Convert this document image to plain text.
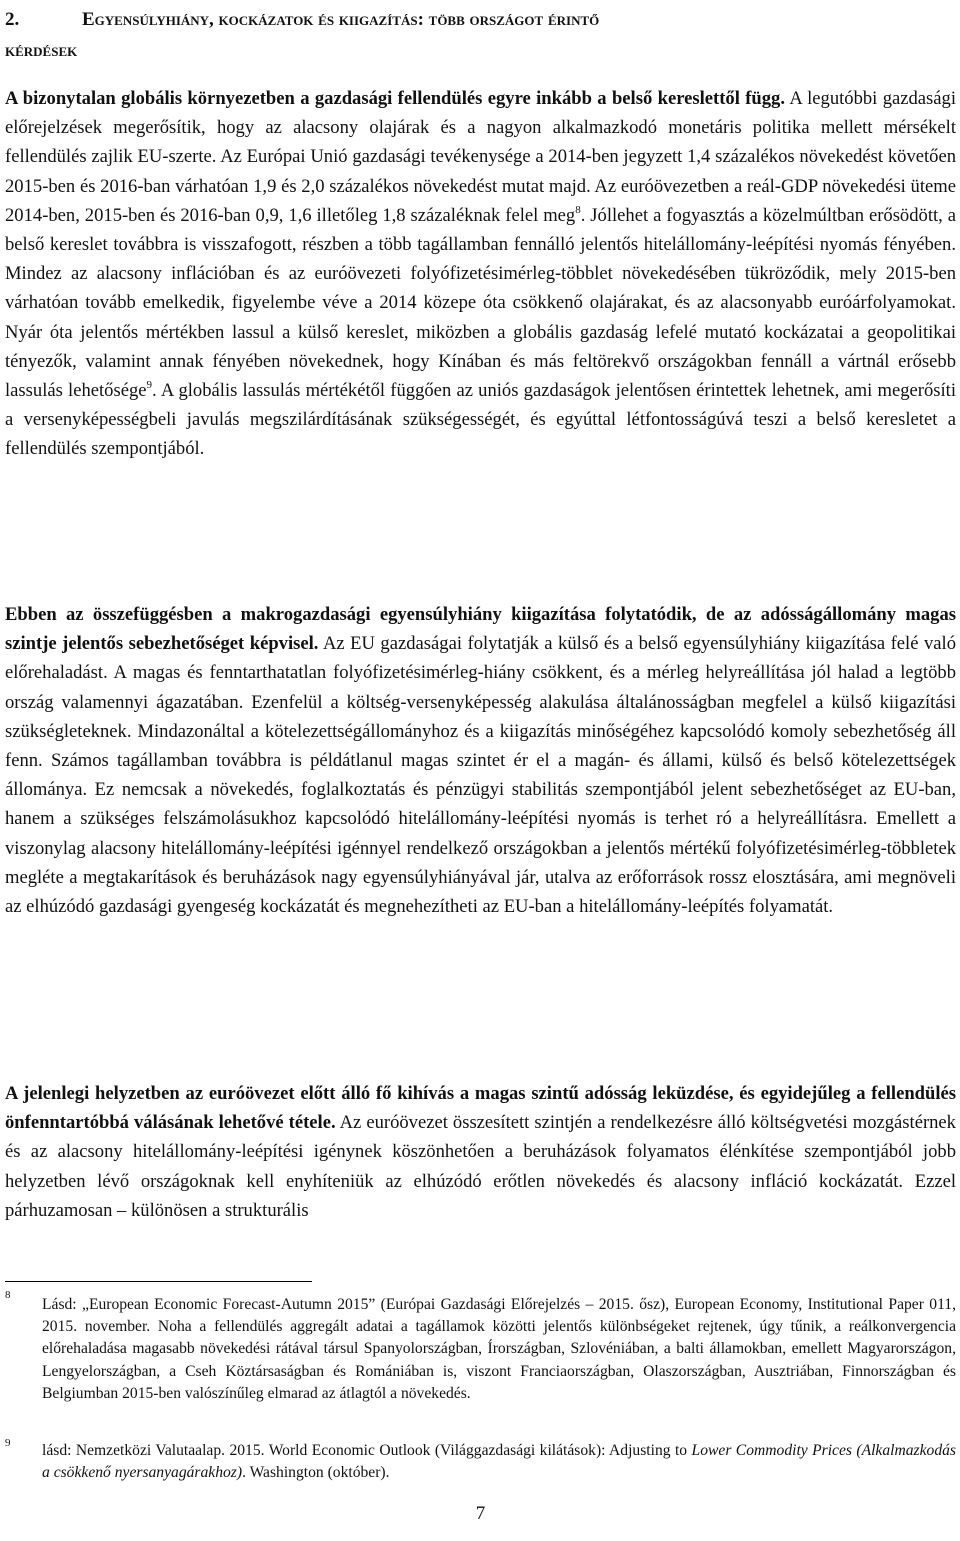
2.	Egyensúlyhiány, kockázatok és kiigazítás: több országot érintő
kérdések

A bizonytalan globális környezetben a gazdasági fellendülés egyre inkább a belső kereslettől függ. A legutóbbi gazdasági előrejelzések megerősítik, hogy az alacsony olajárak és a nagyon alkalmazkodó monetáris politika mellett mérsékelt fellendülés zajlik EU-szerte. Az Európai Unió gazdasági tevékenysége a 2014-ben jegyzett 1,4 százalékos növekedést követően 2015-ben és 2016-ban várhatóan 1,9 és 2,0 százalékos növekedést mutat majd. Az euróövezetben a reál-GDP növekedési üteme 2014-ben, 2015-ben és 2016-ban 0,9, 1,6 illetőleg 1,8 százaléknak felel meg$^8$. Jóllehet a fogyasztás a közelmúltban erősödött, a belső kereslet továbbra is visszafogott, részben a több tagállamban fennálló jelentős hitelállomány-leépítési nyomás fényében. Mindez az alacsony inflációban és az euróövezeti folyófizetésimérleg-többlet növekedésében tükröződik, mely 2015-ben várhatóan tovább emelkedik, figyelembe véve a 2014 közepe óta csökkenő olajárakat, és az alacsonyabb euróárfolyamokat. Nyár óta jelentős mértékben lassul a külső kereslet, miközben a globális gazdaság lefelé mutató kockázatai a geopolitikai tényezők, valamint annak fényében növekednek, hogy Kínában és más feltörekvő országokban fennáll a vártnál erősebb lassulás lehetősége$^9$. A globális lassulás mértékétől függően az uniós gazdaságok jelentősen érintettek lehetnek, ami megerősíti a versenyképességbeli javulás megszilárdításának szükségességét, és egyúttal létfontosságúvá teszi a belső keresletet a fellendülés szempontjából.

Ebben az összefüggésben a makrogazdasági egyensúlyhiány kiigazítása folytatódik, de az adósságállomány magas szintje jelentős sebezhetőséget képvisel. Az EU gazdaságai folytatják a külső és a belső egyensúlyhiány kiigazítása felé való előrehaladást. A magas és fenntarthatatlan folyófizetésimérleg-hiány csökkent, és a mérleg helyreállítása jól halad a legtöbb ország valamennyi ágazatában. Ezenfelül a költség-versenyképesség alakulása általánosságban megfelel a külső kiigazítási szükségleteknek. Mindazonáltal a kötelezettségállományhoz és a kiigazítás minőségéhez kapcsolódó komoly sebezhetőség áll fenn. Számos tagállamban továbbra is példátlanul magas szintet ér el a magán- és állami, külső és belső kötelezettségek állománya. Ez nemcsak a növekedés, foglalkoztatás és pénzügyi stabilitás szempontjából jelent sebezhetőséget az EU-ban, hanem a szükséges felszámolásukhoz kapcsolódó hitelállomány-leépítési nyomás is terhet ró a helyreállításra. Emellett a viszonylag alacsony hitelállomány-leépítési igénnyel rendelkező országokban a jelentős mértékű folyófizetésimérleg-többletek megléte a megtakarítások és beruházások nagy egyensúlyhiányával jár, utalva az erőforrások rossz elosztására, ami megnöveli az elhúzódó gazdasági gyengeség kockázatát és megnehezítheti az EU-ban a hitelállomány-leépítés folyamatát.

A jelenlegi helyzetben az euróövezet előtt álló fő kihívás a magas szintű adósság leküzdése, és egyidejűleg a fellendülés önfenntartóbbá válásának lehetővé tétele. Az euróövezet összesített szintjén a rendelkezésre álló költségvetési mozgástérnek és az alacsony hitelállomány-leépítési igénynek köszönhetően a beruházások folyamatos élénkítése szempontjából jobb helyzetben lévő országoknak kell enyhíteniük az elhúzódó erőtlen növekedés és alacsony infláció kockázatát. Ezzel párhuzamosan – különösen a strukturális

8
Lásd: „European Economic Forecast-Autumn 2015” (Európai Gazdasági Előrejelzés – 2015. ősz), European Economy, Institutional Paper 011, 2015. november. Noha a fellendülés aggregált adatai a tagállamok közötti jelentős különbségeket rejtenek, úgy tűnik, a reálkonvergencia előrehaladása magasabb növekedési rátával társul Spanyolországban, Írországban, Szlovéniában, a balti államokban, emellett Magyarországon, Lengyelországban, a Cseh Köztársaságban és Romániában is, viszont Franciaországban, Olaszországban, Ausztriában, Finnországban és Belgiumban 2015-ben valószínűleg elmarad az átlagtól a növekedés.
9 lásd: Nemzetközi Valutaalap. 2015. World Economic Outlook (Világgazdasági kilátások): Adjusting to Lower Commodity Prices (Alkalmazkodás a csökkenő nyersanyagárakhoz). Washington (október).
7
